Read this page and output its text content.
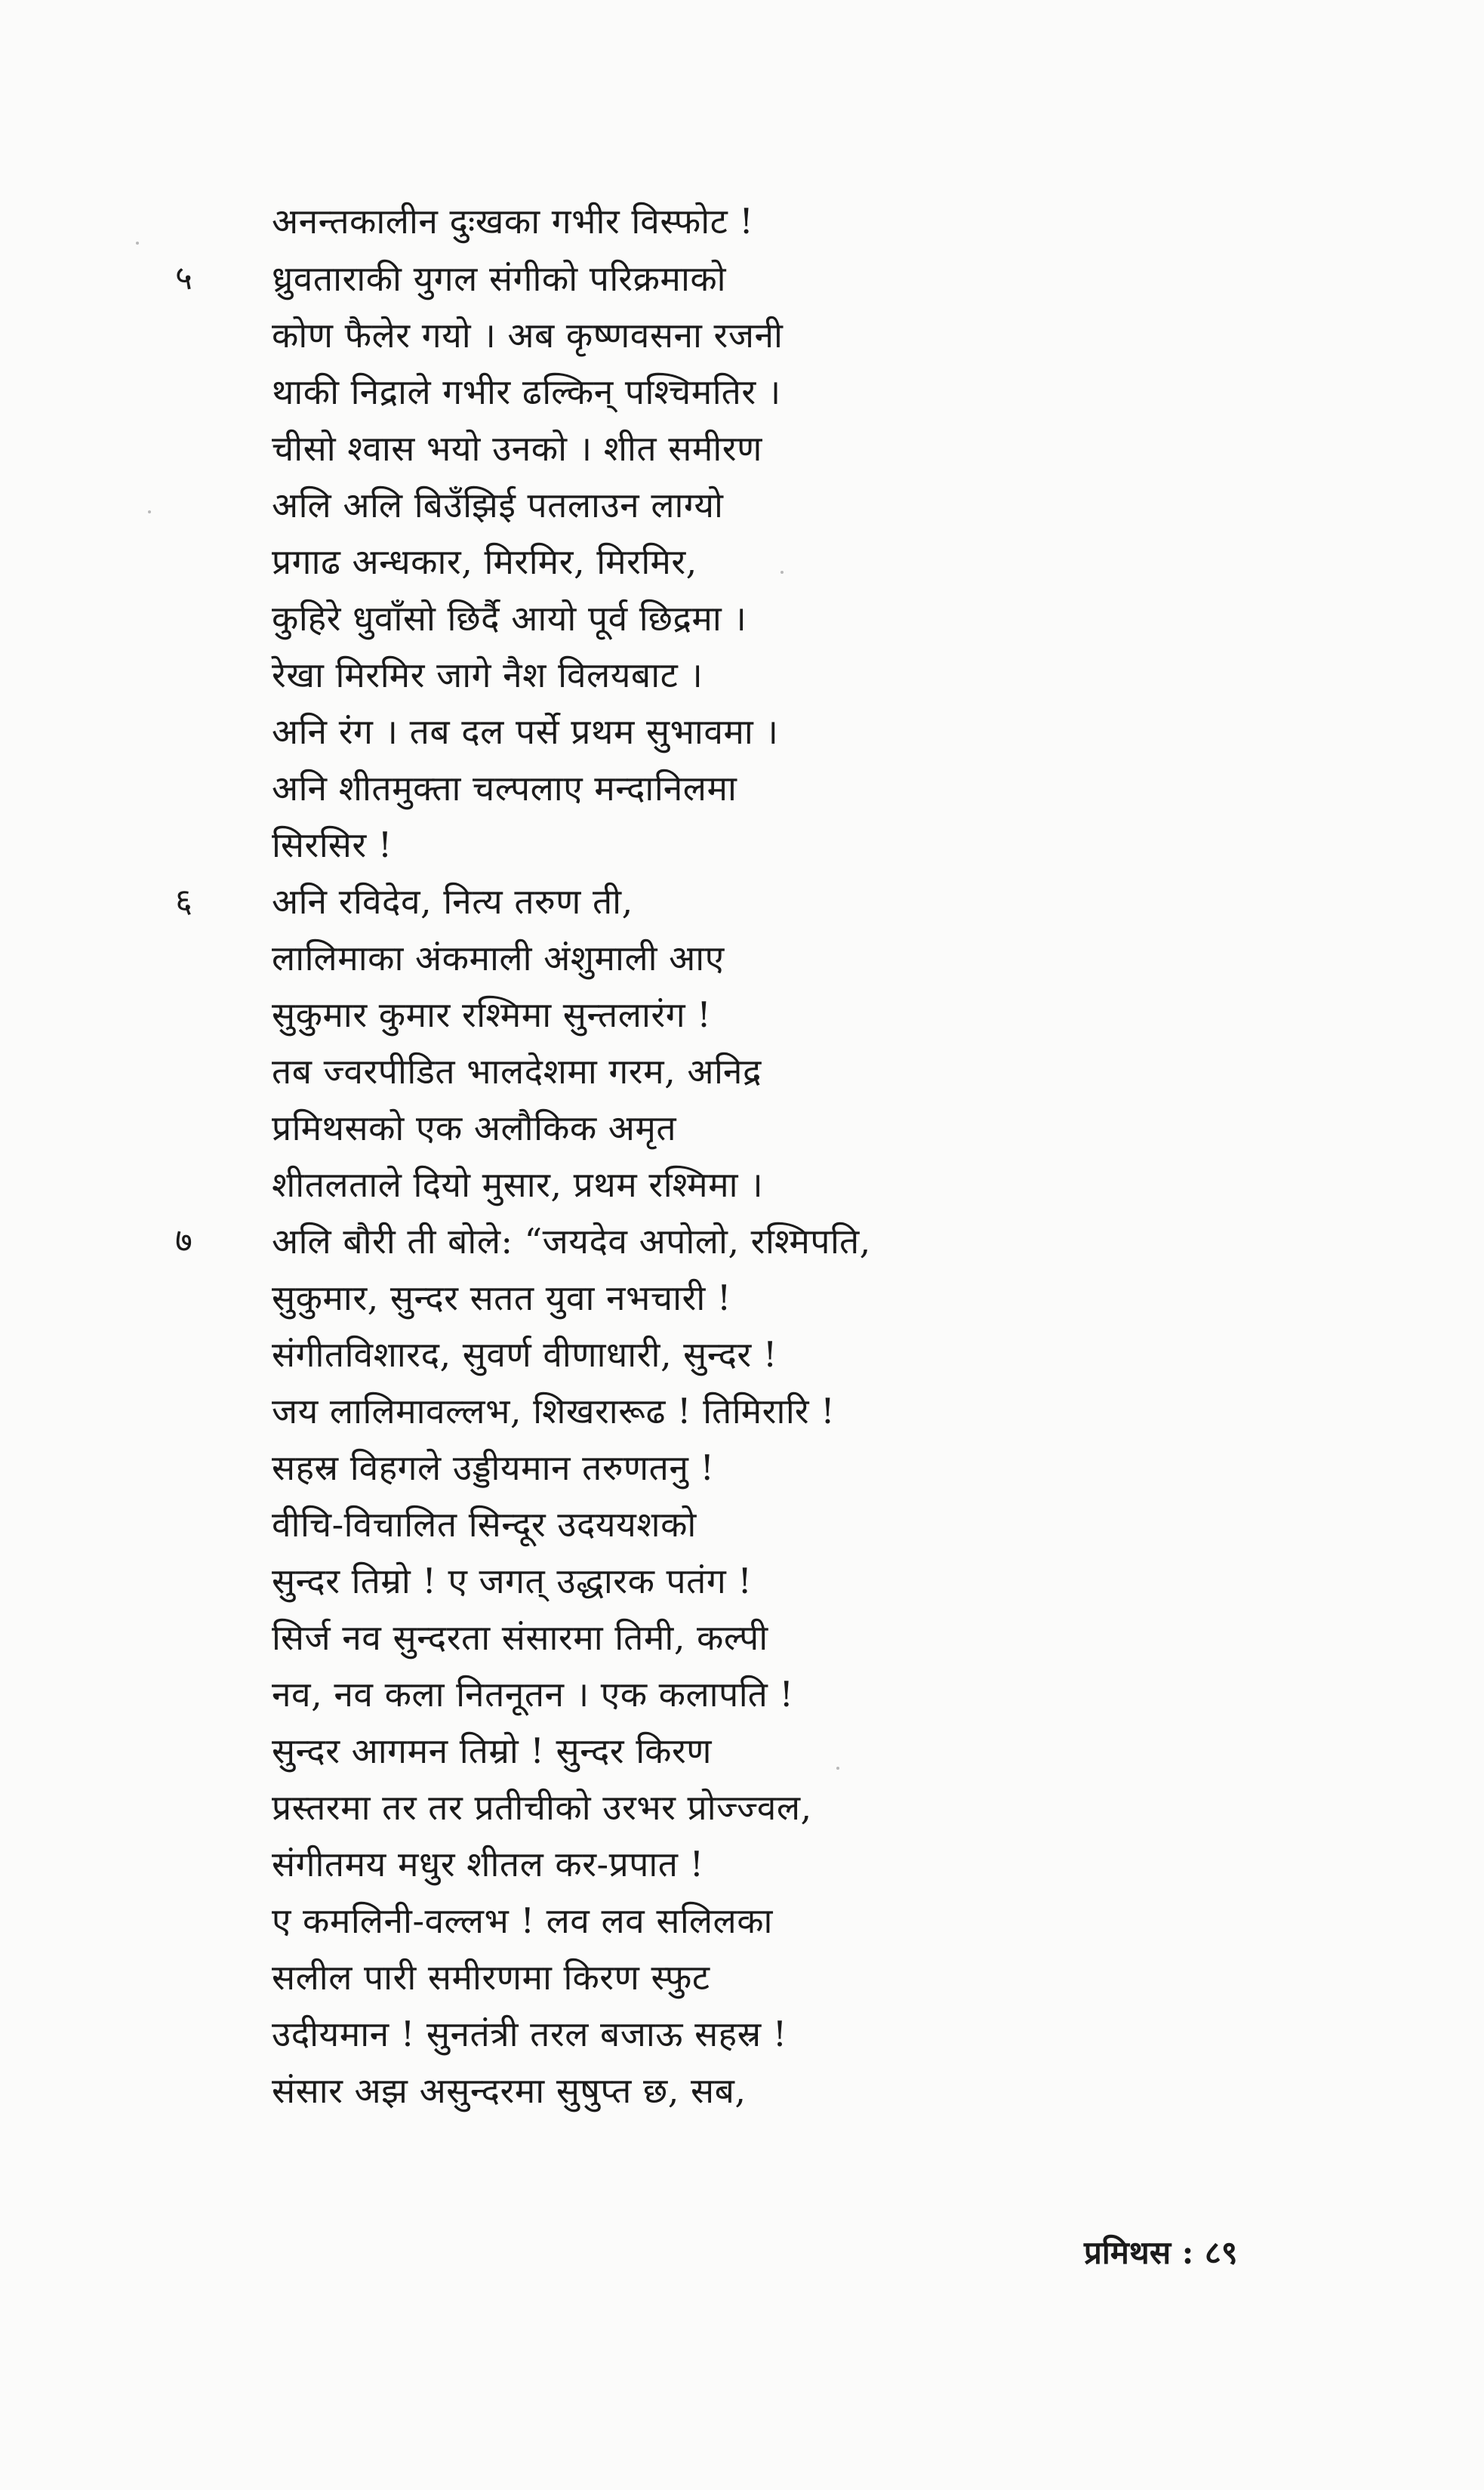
अनन्तकालीन दुःखका गभीर विस्फोट !
५ ध्रुवताराकी युगल संगीको परिक्रमाको
कोण फैलेर गयो । अब कृष्णवसना रजनी
थाकी निद्राले गभीर ढल्किन् पश्चिमतिर ।
चीसो श्वास भयो उनको । शीत समीरण
अलि अलि बिउँझिई पतलाउन लाग्यो
प्रगाढ अन्धकार, मिरमिर, मिरमिर,
कुहिरे धुवाँसो छिर्दै आयो पूर्व छिद्रमा ।
रेखा मिरमिर जागे नैश विलयबाट ।
अनि रंग । तब दल पर्से प्रथम सुभावमा ।
अनि शीतमुक्ता चल्पलाए मन्दानिलमा
सिरसिर !
६ अनि रविदेव, नित्य तरुण ती,
लालिमाका अंकमाली अंशुमाली आए
सुकुमार कुमार रश्मिमा सुन्तलारंग !
तब ज्वरपीडित भालदेशमा गरम, अनिद्र
प्रमिथसको एक अलौकिक अमृत
शीतलताले दियो मुसार, प्रथम रश्मिमा ।
७ अलि बौरी ती बोले: “जयदेव अपोलो, रश्मिपति,
सुकुमार, सुन्दर सतत युवा नभचारी !
संगीतविशारद, सुवर्ण वीणाधारी, सुन्दर !
जय लालिमावल्लभ, शिखरारूढ ! तिमिरारि !
सहस्र विहगले उड्डीयमान तरुणतनु !
वीचि-विचालित सिन्दूर उदययशको
सुन्दर तिम्रो ! ए जगत् उद्धारक पतंग !
सिर्ज नव सुन्दरता संसारमा तिमी, कल्पी
नव, नव कला नितनूतन । एक कलापति !
सुन्दर आगमन तिम्रो ! सुन्दर किरण
प्रस्तरमा तर तर प्रतीचीको उरभर प्रोज्ज्वल,
संगीतमय मधुर शीतल कर-प्रपात !
ए कमलिनी-वल्लभ ! लव लव सलिलका
सलील पारी समीरणमा किरण स्फुट
उदीयमान ! सुनतंत्री तरल बजाऊ सहस्र !
संसार अझ असुन्दरमा सुषुप्त छ, सब,
प्रमिथस : ८९
